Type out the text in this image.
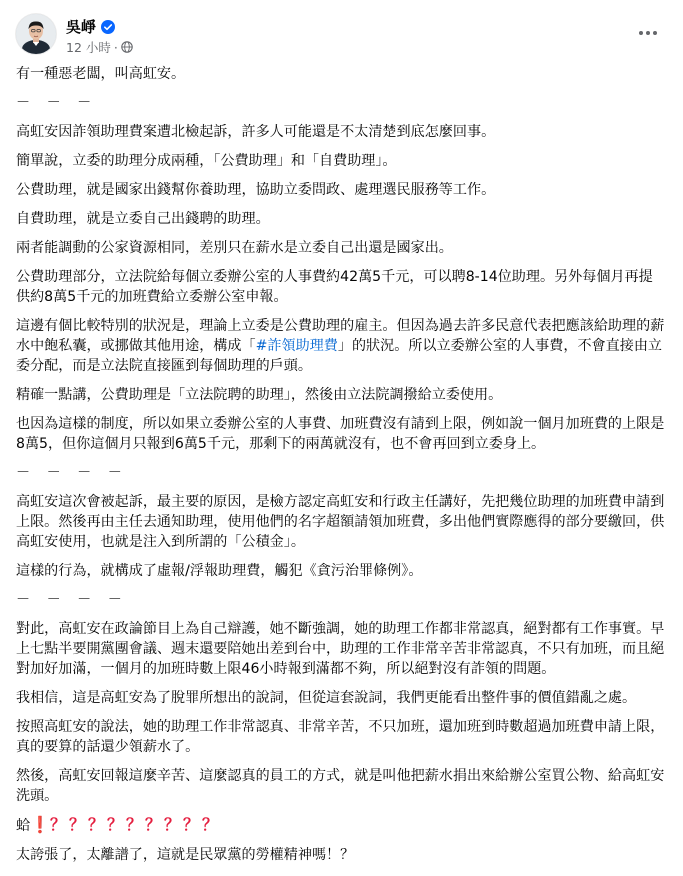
吳崢
12 小時 ·

有一種惡老闆，叫高虹安。

－ － －

高虹安因詐領助理費案遭北檢起訴，許多人可能還是不太清楚到底怎麼回事。

簡單說，立委的助理分成兩種，「公費助理」和「自費助理」。

公費助理，就是國家出錢幫你養助理，協助立委問政、處理選民服務等工作。

自費助理，就是立委自己出錢聘的助理。

兩者能調動的公家資源相同，差別只在薪水是立委自己出還是國家出。

公費助理部分，立法院給每個立委辦公室的人事費約42萬5千元，可以聘8-14位助理。另外每個月再提供約8萬5千元的加班費給立委辦公室申報。

這邊有個比較特別的狀況是，理論上立委是公費助理的雇主。但因為過去許多民意代表把應該給助理的薪水中飽私囊，或挪做其他用途，構成「#詐領助理費」的狀況。所以立委辦公室的人事費，不會直接由立委分配，而是立法院直接匯到每個助理的戶頭。

精確一點講，公費助理是「立法院聘的助理」，然後由立法院調撥給立委使用。

也因為這樣的制度，所以如果立委辦公室的人事費、加班費沒有請到上限，例如說一個月加班費的上限是8萬5，但你這個月只報到6萬5千元，那剩下的兩萬就沒有，也不會再回到立委身上。

－ － － －

高虹安這次會被起訴，最主要的原因，是檢方認定高虹安和行政主任講好，先把幾位助理的加班費申請到上限。然後再由主任去通知助理，使用他們的名字超額請領加班費，多出他們實際應得的部分要繳回，供高虹安使用，也就是注入到所謂的「公積金」。

這樣的行為，就構成了虛報/浮報助理費，觸犯《貪污治罪條例》。

－ － － －

對此，高虹安在政論節目上為自己辯護，她不斷強調，她的助理工作都非常認真，絕對都有工作事實。早上七點半要開黨團會議、週末還要陪她出差到台中，助理的工作非常辛苦非常認真，不只有加班，而且絕對加好加滿，一個月的加班時數上限46小時報到滿都不夠，所以絕對沒有詐領的問題。

我相信，這是高虹安為了脫罪所想出的說詞，但從這套說詞，我們更能看出整件事的價值錯亂之處。

按照高虹安的說法，她的助理工作非常認真、非常辛苦，不只加班，還加班到時數超過加班費申請上限，真的要算的話還少領薪水了。

然後，高虹安回報這麼辛苦、這麼認真的員工的方式，就是叫他把薪水捐出來給辦公室買公物、給高虹安洗頭。

蛤❗？？？？？？？？？

太誇張了，太離譜了，這就是民眾黨的勞權精神嗎！？
